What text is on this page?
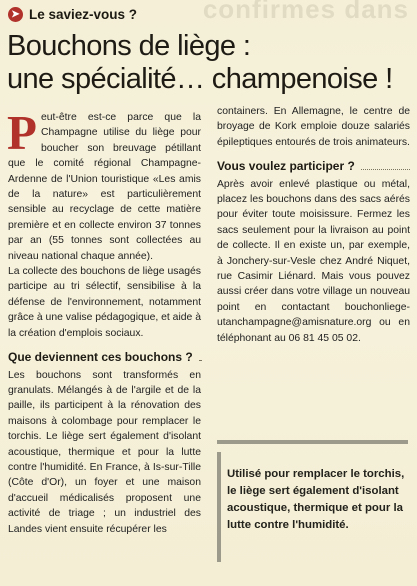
confirmes dans
➤ Le saviez-vous ?
Bouchons de liège :
une spécialité… champenoise !

Peut-être est-ce parce que la Champagne utilise du liège pour boucher son breuvage pétillant que le comité régional Champagne-Ardenne de l'Union touristique «Les amis de la nature» est particulièrement sensible au recyclage de cette matière première et en collecte environ 37 tonnes par an (55 tonnes sont collectées au niveau national chaque année).

La collecte des bouchons de liège usagés participe au tri sélectif, sensibilise à la défense de l'environnement, notamment grâce à une valise pédagogique, et aide à la création d'emplois sociaux.

Que deviennent ces bouchons ?

Les bouchons sont transformés en granulats. Mélangés à de l'argile et de la paille, ils participent à la rénovation des maisons à colombage pour remplacer le torchis. Le liège sert également d'isolant acoustique, thermique et pour la lutte contre l'humidité. En France, à Is-sur-Tille (Côte d'Or), un foyer et une maison d'accueil médicalisés proposent une activité de triage ; un industriel des Landes vient ensuite récupérer les

containers. En Allemagne, le centre de broyage de Kork emploie douze salariés épileptiques entourés de trois animateurs.

Vous voulez participer ?

Après avoir enlevé plastique ou métal, placez les bouchons dans des sacs aérés pour éviter toute moisissure. Fermez les sacs seulement pour la livraison au point de collecte. Il en existe un, par exemple, à Jonchery-sur-Vesle chez André Niquet, rue Casimir Liénard. Mais vous pouvez aussi créer dans votre village un nouveau point en contactant bouchonliege-utanchampagne@amisnature.org ou en téléphonant au 06 81 45 05 02.

Utilisé pour remplacer le torchis, le liège sert également d'isolant acoustique, thermique et pour la lutte contre l'humidité.
